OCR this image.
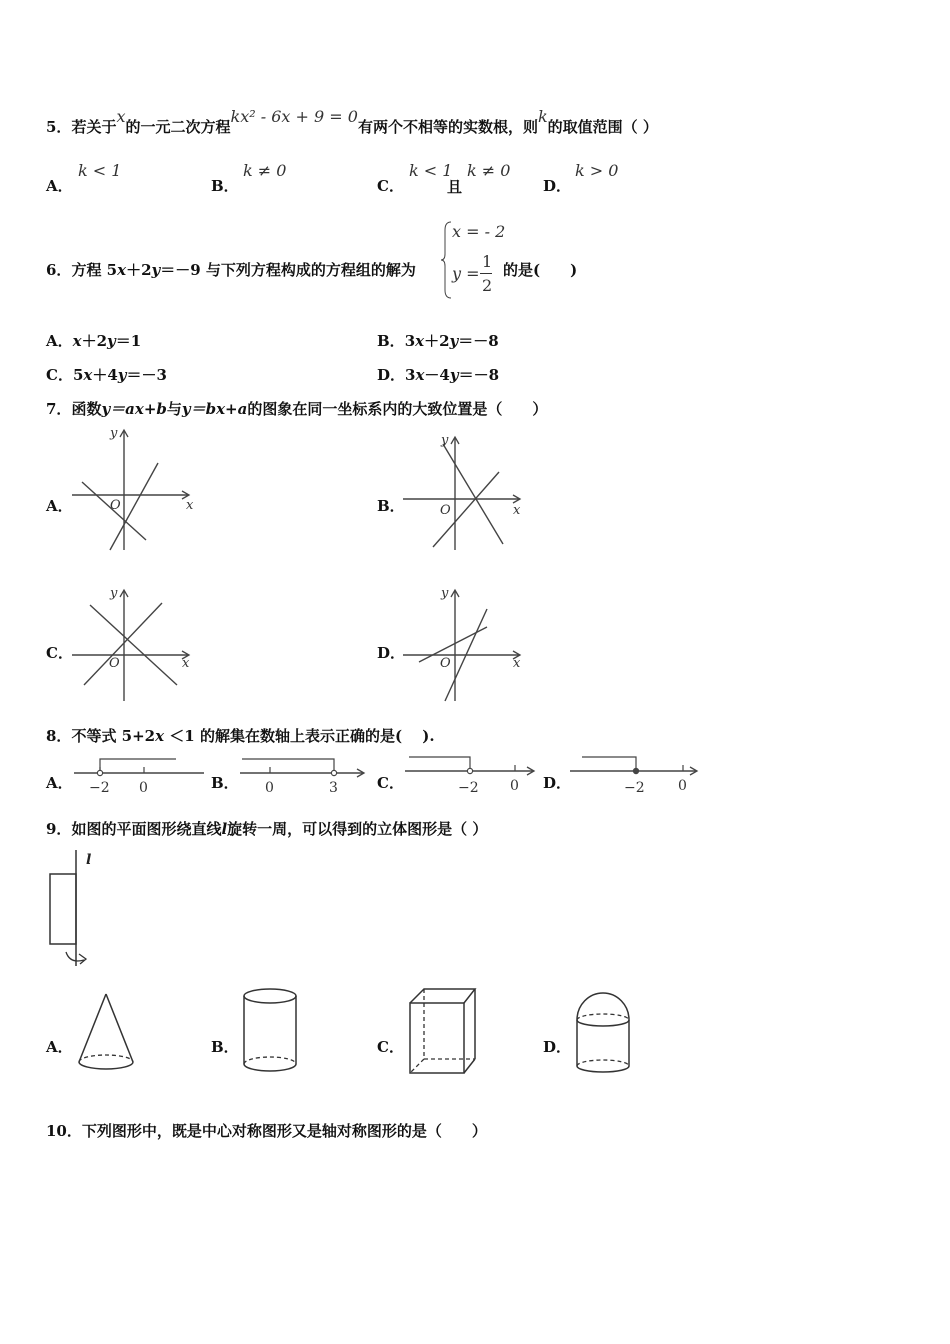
5．若关于x的一元二次方程kx² - 6x + 9 = 0有两个不相等的实数根，则k的取值范围（ ）
A．
k < 1
B．
k ≠ 0
C．
k < 1
且
k ≠ 0
D．
k > 0
6．方程 5x＋2y＝－9 与下列方程构成的方程组的解为
x = - 2
y =
1
2
的是(　　)
A．x＋2y＝1	B．3x＋2y＝－8
C．5x＋4y＝－3	D．3x－4y＝－8
7．函数y＝ax+b与y＝bx+a的图象在同一坐标系内的大致位置是（　　）
A．	x
y
O	B．	x
y
O
C．
x
y
O
D．
x
y
O
8．不等式 5+2x ＜1 的解集在数轴上表示正确的是(　 ).
A． −2 0	B． 0	3	C．	−2 0 D．	−2 0
9．如图的平面图形绕直线l旋转一周，可以得到的立体图形是（ ）
l
A．	B．	C．	D．
10．下列图形中，既是中心对称图形又是轴对称图形的是（　　）
